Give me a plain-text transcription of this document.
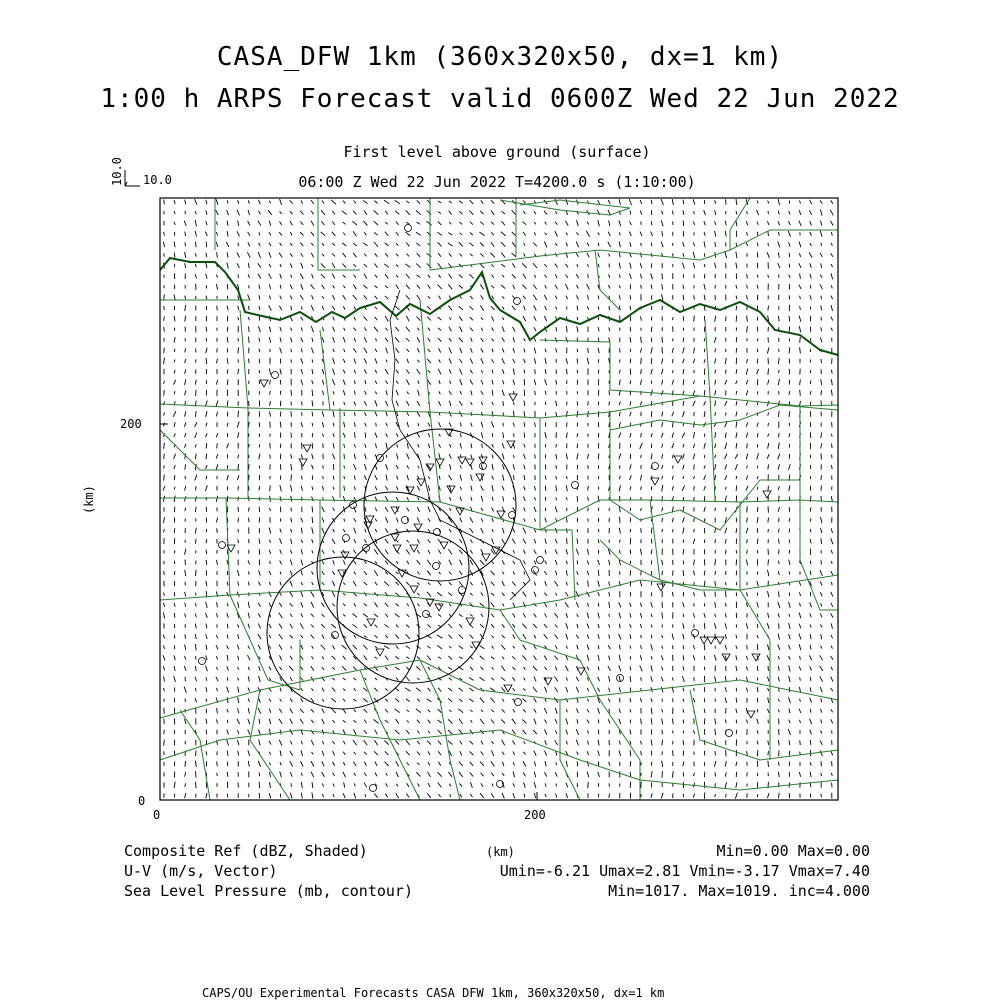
CASA_DFW 1km (360x320x50, dx=1 km)
1:00 h ARPS Forecast valid 0600Z Wed 22 Jun 2022
First level above ground (surface)
06:00 Z Wed 22 Jun 2022 T=4200.0 s (1:10:00)
10.0 10.0
200
0
0	200
(km)
(km)
Composite Ref (dBZ, Shaded)
U-V (m/s, Vector)
Sea Level Pressure (mb, contour)
Min=0.00 Max=0.00
Umin=-6.21 Umax=2.81 Vmin=-3.17 Vmax=7.40
Min=1017. Max=1019. inc=4.000
CAPS/OU Experimental Forecasts CASA DFW 1km, 360x320x50, dx=1 km
